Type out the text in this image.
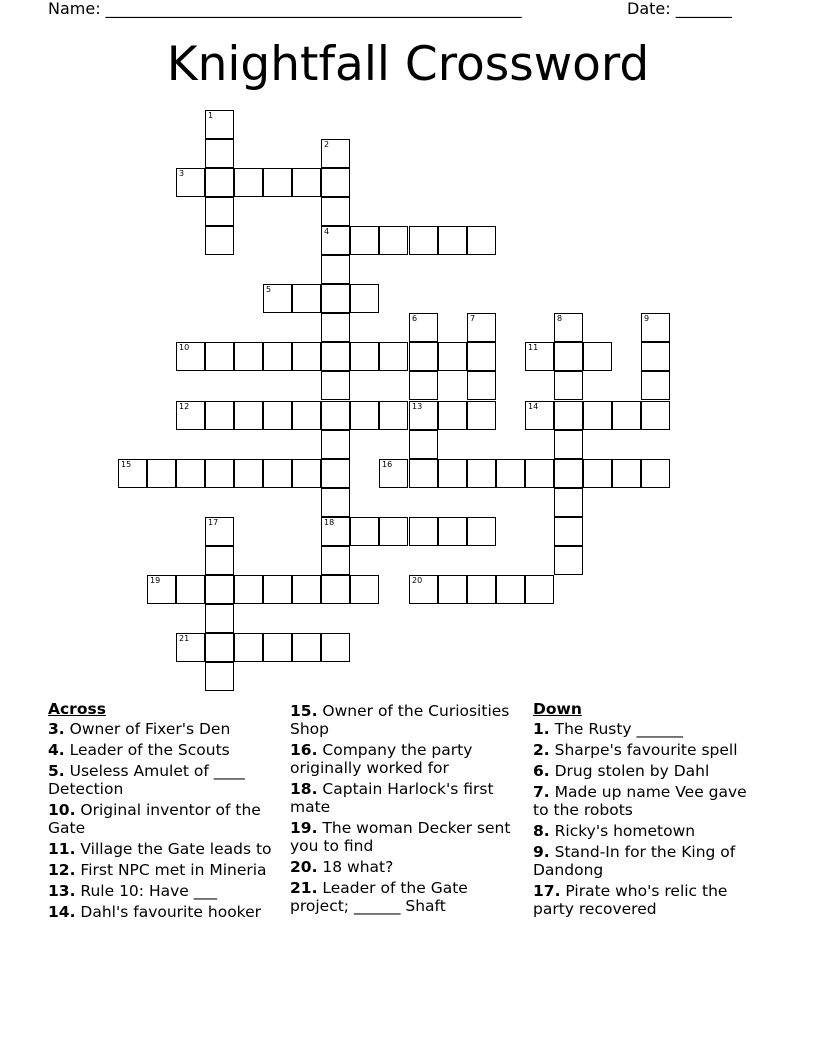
Name: ____________________________________________________	Date: _______
Knightfall Crossword
1
2
4
18
3
5
6
13
7	8	9
10	11
12	14
15	16
17
19	20
21
Across
3. Owner of Fixer's Den
4. Leader of the Scouts
5. Useless Amulet of ____ Detection
10. Original inventor of the Gate
11. Village the Gate leads to
12. First NPC met in Mineria
13. Rule 10: Have ___
14. Dahl's favourite hooker
15. Owner of the Curiosities Shop
16. Company the party originally worked for
18. Captain Harlock's first mate
19. The woman Decker sent you to find
20. 18 what?
21. Leader of the Gate project; ______ Shaft
Down
1. The Rusty ______
2. Sharpe's favourite spell
6. Drug stolen by Dahl
7. Made up name Vee gave to the robots
8. Ricky's hometown
9. Stand-In for the King of Dandong
17. Pirate who's relic the party recovered
